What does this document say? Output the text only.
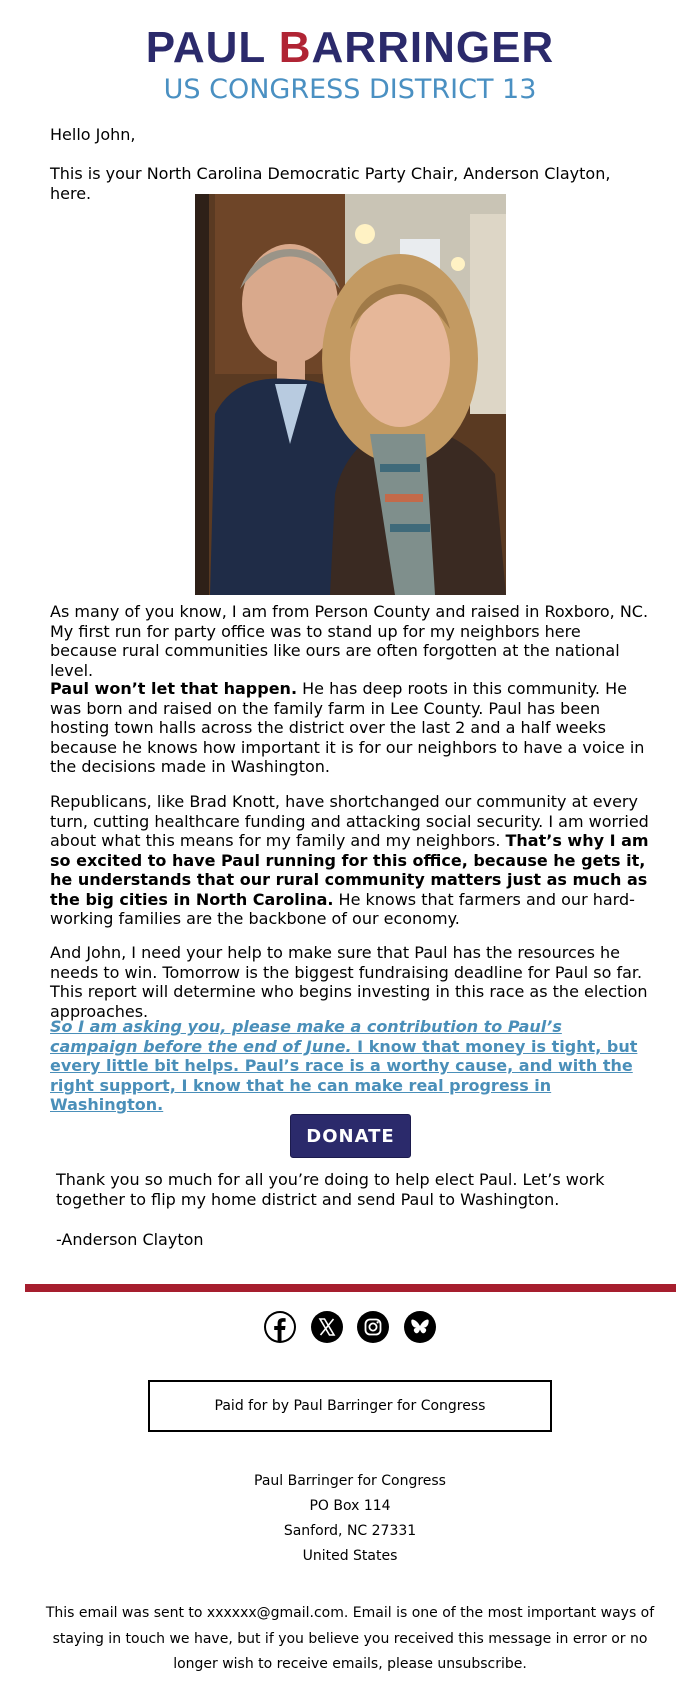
PAUL BARRINGER
US CONGRESS DISTRICT 13
Hello John,
This is your North Carolina Democratic Party Chair, Anderson Clayton, here.

As many of you know, I am from Person County and raised in Roxboro, NC. My first run for party office was to stand up for my neighbors here because rural communities like ours are often forgotten at the national level.

Paul won’t let that happen. He has deep roots in this community. He was born and raised on the family farm in Lee County. Paul has been hosting town halls across the district over the last 2 and a half weeks because he knows how important it is for our neighbors to have a voice in the decisions made in Washington.

Republicans, like Brad Knott, have shortchanged our community at every turn, cutting healthcare funding and attacking social security. I am worried about what this means for my family and my neighbors. That’s why I am so excited to have Paul running for this office, because he gets it, he understands that our rural community matters just as much as the big cities in North Carolina. He knows that farmers and our hard-working families are the backbone of our economy.

And John, I need your help to make sure that Paul has the resources he needs to win. Tomorrow is the biggest fundraising deadline for Paul so far. This report will determine who begins investing in this race as the election approaches.

So I am asking you, please make a contribution to Paul’s campaign before the end of June. I know that money is tight, but every little bit helps. Paul’s race is a worthy cause, and with the right support, I know that he can make real progress in Washington.

DONATE
Thank you so much for all you’re doing to help elect Paul. Let’s work together to flip my home district and send Paul to Washington.
-Anderson Clayton
Paid for by Paul Barringer for Congress
Paul Barringer for Congress
PO Box 114
Sanford, NC 27331
United States
This email was sent to xxxxxx@gmail.com. Email is one of the most important ways of staying in touch we have, but if you believe you received this message in error or no longer wish to receive emails, please unsubscribe.
